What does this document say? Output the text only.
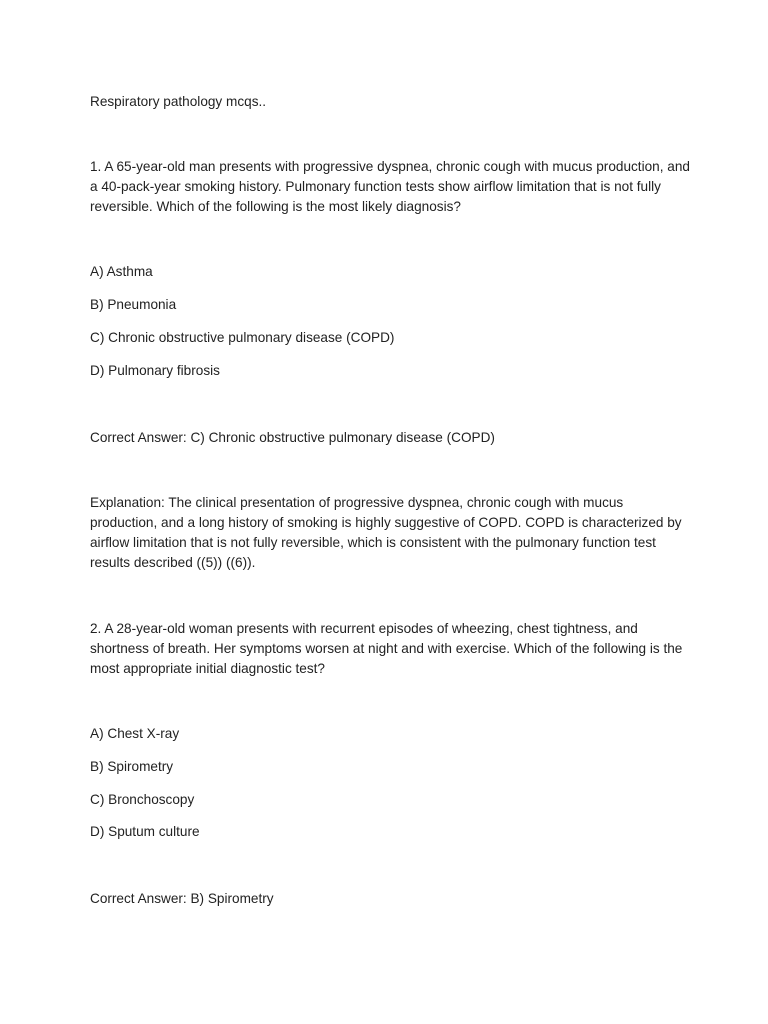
Respiratory pathology mcqs..

1. A 65-year-old man presents with progressive dyspnea, chronic cough with mucus production, and a 40-pack-year smoking history. Pulmonary function tests show airflow limitation that is not fully reversible. Which of the following is the most likely diagnosis?

A) Asthma

B) Pneumonia

C) Chronic obstructive pulmonary disease (COPD)

D) Pulmonary fibrosis

Correct Answer: C) Chronic obstructive pulmonary disease (COPD)

Explanation: The clinical presentation of progressive dyspnea, chronic cough with mucus production, and a long history of smoking is highly suggestive of COPD. COPD is characterized by airflow limitation that is not fully reversible, which is consistent with the pulmonary function test results described ((5)) ((6)).

2. A 28-year-old woman presents with recurrent episodes of wheezing, chest tightness, and shortness of breath. Her symptoms worsen at night and with exercise. Which of the following is the most appropriate initial diagnostic test?

A) Chest X-ray

B) Spirometry

C) Bronchoscopy

D) Sputum culture

Correct Answer: B) Spirometry
